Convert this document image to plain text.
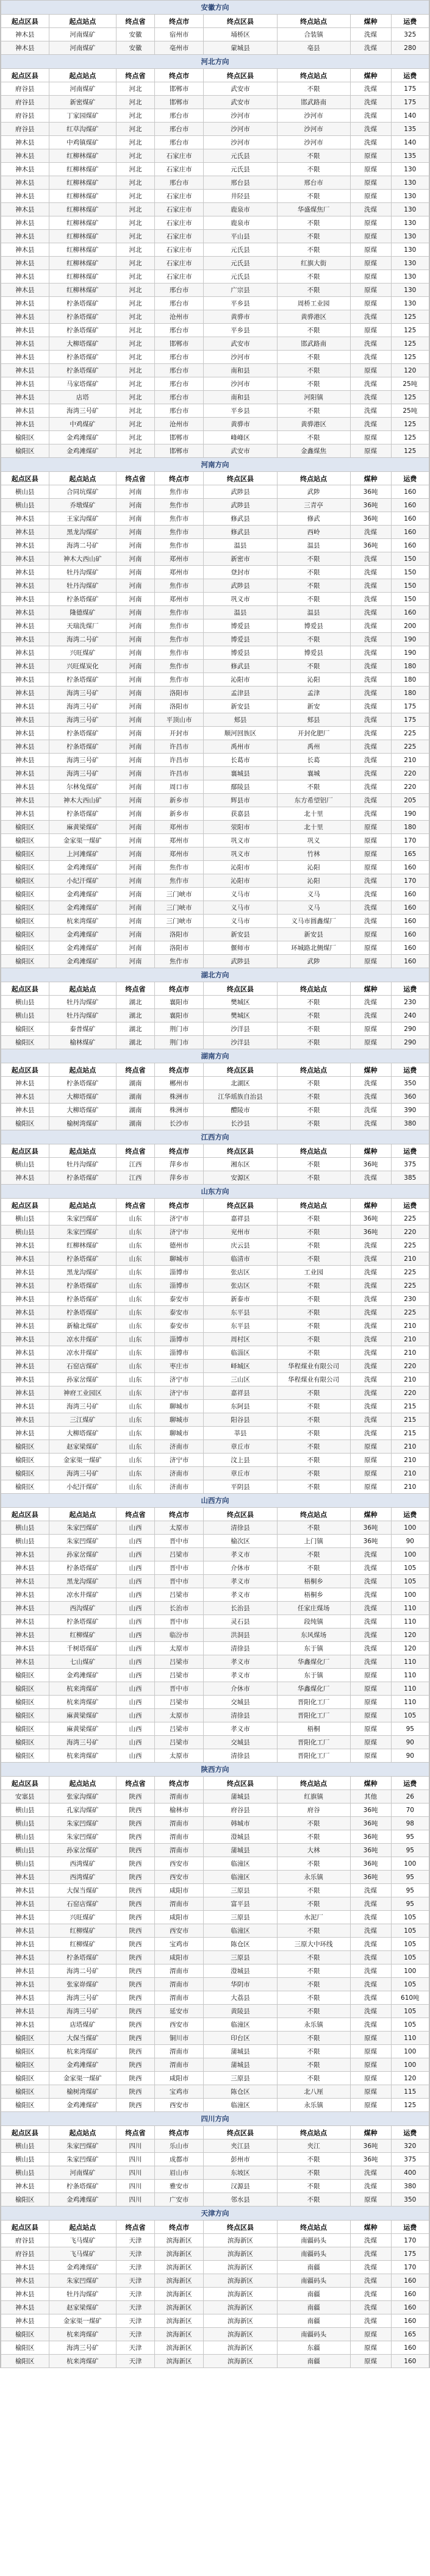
安徽方向							
起点区县	起点站点	终点省	终点市	终点区县	终点站点	煤种	运费
神木县	河南煤矿	安徽	宿州市	埇桥区	合装镇	洗煤	325
神木县	河南煤矿	安徽	亳州市	蒙城县	亳县	洗煤	280
河北方向							
起点区县	起点站点	终点省	终点市	终点区县	终点站点	煤种	运费
府谷县	河南煤矿	河北	邯郸市	武安市	不限	洗煤	175
府谷县	新密煤矿	河北	邯郸市	武安市	邯武路南	洗煤	175
府谷县	丁家园煤矿	河北	邢台市	沙河市	沙河市	洗煤	140
府谷县	红草沟煤矿	河北	邢台市	沙河市	沙河市	洗煤	135
神木县	中鸡镇煤矿	河北	邢台市	沙河市	沙河市	洗煤	140
神木县	红柳林煤矿	河北	石家庄市	元氏县	不限	原煤	135
神木县	红柳林煤矿	河北	石家庄市	元氏县	不限	原煤	130
神木县	红柳林煤矿	河北	邢台市	邢台县	邢台市	原煤	130
神木县	红柳林煤矿	河北	石家庄市	井陉县	不限	原煤	130
神木县	红柳林煤矿	河北	石家庄市	鹿泉市	华盛煤焦厂	洗煤	130
神木县	红柳林煤矿	河北	石家庄市	鹿泉市	不限	原煤	130
神木县	红柳林煤矿	河北	石家庄市	平山县	不限	原煤	130
神木县	红柳林煤矿	河北	石家庄市	元氏县	不限	原煤	130
神木县	红柳林煤矿	河北	石家庄市	元氏县	红旗大街	原煤	130
神木县	红柳林煤矿	河北	石家庄市	元氏县	不限	原煤	130
神木县	红柳林煤矿	河北	邢台市	广宗县	不限	原煤	130
神木县	柠条塔煤矿	河北	邢台市	平乡县	周桥工业园	原煤	130
神木县	柠条塔煤矿	河北	沧州市	黄骅市	黄骅港区	洗煤	125
神木县	柠条塔煤矿	河北	邢台市	平乡县	不限	原煤	125
神木县	大柳塔煤矿	河北	邯郸市	武安市	邯武路南	洗煤	125
神木县	柠条塔煤矿	河北	邢台市	沙河市	不限	洗煤	125
神木县	柠条塔煤矿	河北	邢台市	南和县	不限	原煤	120
神木县	马家塔煤矿	河北	邢台市	沙河市	不限	洗煤	25吨
神木县	店塔	河北	邢台市	南和县	河阳镇	洗煤	125
神木县	海湾三号矿	河北	邢台市	平乡县	不限	洗煤	25吨
神木县	中鸡煤矿	河北	沧州市	黄骅市	黄骅港区	洗煤	125
榆阳区	金鸡滩煤矿	河北	邯郸市	峰峰区	不限	原煤	125
榆阳区	金鸡滩煤矿	河北	邯郸市	武安市	金鑫煤焦	原煤	125
河南方向							
起点区县	起点站点	终点省	终点市	终点区县	终点站点	煤种	运费
横山县	合同坑煤矿	河南	焦作市	武陟县	武陟	36吨	160
横山县	乔墩煤矿	河南	焦作市	武陟县	三青亭	36吨	160
神木县	王家沟煤矿	河南	焦作市	修武县	修武	36吨	160
神木县	黑龙沟煤矿	河南	焦作市	修武县	西岭	洗煤	160
神木县	海湾二号矿	河南	焦作市	温县	温县	36吨	160
神木县	神木大西山矿	河南	郑州市	新密市	不限	洗煤	150
神木县	牡丹沟煤矿	河南	郑州市	登封市	不限	洗煤	150
神木县	牡丹沟煤矿	河南	焦作市	武陟县	不限	洗煤	150
神木县	柠条塔煤矿	河南	郑州市	巩义市	不限	洗煤	150
神木县	隆德煤矿	河南	焦作市	温县	温县	洗煤	160
神木县	天瑞洗煤厂	河南	焦作市	博爱县	博爱县	洗煤	200
神木县	海湾二号矿	河南	焦作市	博爱县	不限	洗煤	190
神木县	兴旺煤矿	河南	焦作市	博爱县	博爱县	洗煤	190
神木县	兴旺煤炭化	河南	焦作市	修武县	不限	洗煤	180
神木县	柠条塔煤矿	河南	焦作市	沁阳市	沁阳	洗煤	180
神木县	海湾三号矿	河南	洛阳市	孟津县	孟津	洗煤	180
神木县	海湾三号矿	河南	洛阳市	新安县	新安	洗煤	175
神木县	海湾三号矿	河南	平顶山市	郏县	郏县	洗煤	175
神木县	柠条塔煤矿	河南	开封市	顺河回族区	开封化肥厂	洗煤	225
神木县	柠条塔煤矿	河南	许昌市	禹州市	禹州	洗煤	225
神木县	海湾三号矿	河南	许昌市	长葛市	长葛	洗煤	210
神木县	海湾三号矿	河南	许昌市	襄城县	襄城	洗煤	220
神木县	尔林兔煤矿	河南	周口市	鄢陵县	不限	洗煤	220
神木县	神木大西山矿	河南	新乡市	辉县市	东方希望铝厂	洗煤	205
神木县	柠条塔煤矿	河南	新乡市	获嘉县	北十里	洗煤	190
榆阳区	麻黄梁煤矿	河南	郑州市	荥阳市	北十里	原煤	180
榆阳区	金家渠一煤矿	河南	郑州市	巩义市	巩义	原煤	170
榆阳区	上河滩煤矿	河南	郑州市	巩义市	竹林	原煤	165
榆阳区	金鸡滩煤矿	河南	焦作市	沁阳市	沁阳	原煤	160
榆阳区	小纪汗煤矿	河南	焦作市	沁阳市	沁阳	洗煤	170
榆阳区	金鸡滩煤矿	河南	三门峡市	义马市	义马	洗煤	160
榆阳区	金鸡滩煤矿	河南	三门峡市	义马市	义马	洗煤	160
榆阳区	杭来湾煤矿	河南	三门峡市	义马市	义马市圆鑫煤厂	洗煤	160
榆阳区	金鸡滩煤矿	河南	洛阳市	新安县	新安县	原煤	160
榆阳区	金鸡滩煤矿	河南	洛阳市	偃师市	环城路北侧煤厂	原煤	160
榆阳区	金鸡滩煤矿	河南	焦作市	武陟县	武陟	原煤	160
湖北方向							
起点区县	起点站点	终点省	终点市	终点区县	终点站点	煤种	运费
横山县	牡丹沟煤矿	湖北	襄阳市	樊城区	不限	洗煤	230
横山县	牡丹沟煤矿	湖北	襄阳市	樊城区	不限	洗煤	240
榆阳区	泰普煤矿	湖北	荆门市	沙洋县	不限	原煤	290
榆阳区	榆林煤矿	湖北	荆门市	沙洋县	不限	原煤	290
湖南方向							
起点区县	起点站点	终点省	终点市	终点区县	终点站点	煤种	运费
神木县	柠条塔煤矿	湖南	郴州市	北湖区	不限	洗煤	350
神木县	大柳塔煤矿	湖南	株洲市	江华瑶族自治县	不限	洗煤	360
神木县	大柳塔煤矿	湖南	株洲市	醴陵市	不限	洗煤	390
榆阳区	榆树湾煤矿	湖南	长沙市	长沙县	不限	洗煤	380
江西方向							
起点区县	起点站点	终点省	终点市	终点区县	终点站点	煤种	运费
横山县	牡丹沟煤矿	江西	萍乡市	湘东区	不限	36吨	375
神木县	柠条塔煤矿	江西	萍乡市	安源区	不限	洗煤	385
山东方向							
起点区县	起点站点	终点省	终点市	终点区县	终点站点	煤种	运费
横山县	朱家凹煤矿	山东	济宁市	嘉祥县	不限	36吨	225
横山县	朱家凹煤矿	山东	济宁市	兖州市	不限	36吨	220
神木县	红柳林煤矿	山东	德州市	庆云县	不限	洗煤	225
神木县	柠条塔煤矿	山东	聊城市	临清市	不限	洗煤	210
神木县	黑龙沟煤矿	山东	淄博市	张店区	工业园	洗煤	225
神木县	柠条塔煤矿	山东	淄博市	张店区	不限	洗煤	225
神木县	柠条塔煤矿	山东	泰安市	新泰市	不限	洗煤	230
神木县	柠条塔煤矿	山东	泰安市	东平县	不限	洗煤	225
神木县	新榆北煤矿	山东	泰安市	东平县	不限	洗煤	210
神木县	凉水井煤矿	山东	淄博市	周村区	不限	洗煤	210
神木县	凉水井煤矿	山东	淄博市	临淄区	不限	洗煤	210
神木县	石窑店煤矿	山东	枣庄市	峄城区	华程煤业有限公司	洗煤	220
神木县	孙家岔煤矿	山东	济宁市	三山区	华程煤业有限公司	洗煤	210
神木县	神府工业园区	山东	济宁市	嘉祥县	不限	洗煤	220
神木县	海湾三号矿	山东	聊城市	东阿县	不限	洗煤	215
神木县	三江煤矿	山东	聊城市	阳谷县	不限	洗煤	215
神木县	大柳塔煤矿	山东	聊城市	莘县	不限	洗煤	215
榆阳区	赵家梁煤矿	山东	济南市	章丘市	不限	原煤	210
榆阳区	金家渠一煤矿	山东	济宁市	汶上县	不限	原煤	210
榆阳区	海湾三号矿	山东	济南市	章丘市	不限	原煤	210
榆阳区	小纪汗煤矿	山东	济南市	平阴县	不限	原煤	210
山西方向							
起点区县	起点站点	终点省	终点市	终点区县	终点站点	煤种	运费
横山县	朱家凹煤矿	山西	太原市	清徐县	不限	36吨	100
横山县	朱家凹煤矿	山西	晋中市	榆次区	上门镇	36吨	90
神木县	孙家岔煤矿	山西	吕梁市	孝义市	不限	洗煤	100
神木县	柠条塔煤矿	山西	晋中市	介休市	不限	洗煤	105
神木县	黑龙沟煤矿	山西	晋中市	孝义市	梧桐乡	洗煤	105
神木县	凉水井煤矿	山西	吕梁市	孝义市	梧桐乡	洗煤	100
神木县	西沟煤矿	山西	长治市	长治县	任家庄煤场	洗煤	110
神木县	柠条塔煤矿	山西	晋中市	灵石县	段纯镇	洗煤	110
神木县	红柳煤矿	山西	临汾市	洪洞县	东风煤场	洗煤	120
神木县	千树塔煤矿	山西	太原市	清徐县	东于镇	洗煤	120
神木县	七山煤矿	山西	吕梁市	孝义市	华鑫煤化厂	洗煤	110
榆阳区	金鸡滩煤矿	山西	吕梁市	孝义市	东于镇	原煤	110
榆阳区	杭来湾煤矿	山西	晋中市	介休市	华鑫煤化厂	原煤	110
榆阳区	杭来湾煤矿	山西	吕梁市	交城县	晋阳化工厂	原煤	110
榆阳区	麻黄梁煤矿	山西	太原市	清徐县	晋阳化工厂	原煤	105
榆阳区	麻黄梁煤矿	山西	吕梁市	孝义市	梧桐	原煤	95
榆阳区	海湾三号矿	山西	吕梁市	交城县	晋阳化工厂	原煤	90
榆阳区	杭来湾煤矿	山西	太原市	清徐县	晋阳化工厂	原煤	90
陕西方向							
起点区县	起点站点	终点省	终点市	终点区县	终点站点	煤种	运费
安塞县	张家沟煤矿	陕西	渭南市	蒲城县	红旗镇	其他	26
横山县	孔家沟煤矿	陕西	榆林市	府谷县	府谷	36吨	70
横山县	朱家凹煤矿	陕西	渭南市	韩城市	不限	36吨	98
横山县	朱家凹煤矿	陕西	渭南市	澄城县	不限	36吨	95
横山县	孙家岔煤矿	陕西	渭南市	蒲城县	大林	36吨	95
横山县	西湾煤矿	陕西	西安市	临潼区	不限	36吨	100
神木县	西湾煤矿	陕西	西安市	临潼区	永乐镇	36吨	95
神木县	大保当煤矿	陕西	咸阳市	三原县	不限	洗煤	95
神木县	石窑店煤矿	陕西	渭南市	富平县	不限	洗煤	95
神木县	兴旺煤矿	陕西	咸阳市	三原县	水泥厂	洗煤	105
神木县	红柳煤矿	陕西	西安市	临潼区	不限	洗煤	105
神木县	红柳煤矿	陕西	宝鸡市	陈仓区	三原大中环线	洗煤	105
神木县	柠条塔煤矿	陕西	咸阳市	三原县	不限	洗煤	105
神木县	海湾二号矿	陕西	渭南市	澄城县	不限	洗煤	100
神木县	张家峁煤矿	陕西	渭南市	华阴市	不限	洗煤	105
神木县	海湾三号矿	陕西	渭南市	大荔县	不限	洗煤	610吨
神木县	海湾三号矿	陕西	延安市	黄陵县	不限	洗煤	105
神木县	店塔煤矿	陕西	西安市	临潼区	永乐镇	洗煤	105
榆阳区	大保当煤矿	陕西	铜川市	印台区	不限	原煤	110
榆阳区	杭来湾煤矿	陕西	渭南市	蒲城县	不限	原煤	100
榆阳区	金鸡滩煤矿	陕西	渭南市	蒲城县	不限	原煤	100
榆阳区	金家渠一煤矿	陕西	咸阳市	三原县	不限	原煤	120
榆阳区	榆树湾煤矿	陕西	宝鸡市	陈仓区	北八厘	原煤	115
榆阳区	金鸡滩煤矿	陕西	西安市	临潼区	永乐镇	原煤	125
四川方向							
起点区县	起点站点	终点省	终点市	终点区县	终点站点	煤种	运费
横山县	朱家凹煤矿	四川	乐山市	夹江县	夹江	36吨	320
横山县	朱家凹煤矿	四川	成都市	彭州市	不限	36吨	375
横山县	河南煤矿	四川	眉山市	东坡区	不限	洗煤	400
神木县	柠条塔煤矿	四川	雅安市	汉源县	不限	洗煤	380
榆阳区	金鸡滩煤矿	四川	广安市	邻水县	不限	原煤	350
天津方向							
起点区县	起点站点	终点省	终点市	终点区县	终点站点	煤种	运费
府谷县	飞马煤矿	天津	滨海新区	滨海新区	南疆码头	洗煤	170
府谷县	飞马煤矿	天津	滨海新区	滨海新区	南疆码头	洗煤	175
神木县	金鸡滩煤矿	天津	滨海新区	滨海新区	南疆	洗煤	170
神木县	朱家凹煤矿	天津	滨海新区	滨海新区	南疆码头	洗煤	160
神木县	牡丹沟煤矿	天津	滨海新区	滨海新区	南疆	洗煤	160
神木县	赵家梁煤矿	天津	滨海新区	滨海新区	南疆	洗煤	160
神木县	金家渠一煤矿	天津	滨海新区	滨海新区	南疆	洗煤	160
榆阳区	杭来湾煤矿	天津	滨海新区	滨海新区	南疆码头	原煤	165
榆阳区	海湾三号矿	天津	滨海新区	滨海新区	东疆	原煤	160
榆阳区	杭来湾煤矿	天津	滨海新区	滨海新区	南疆	原煤	160
